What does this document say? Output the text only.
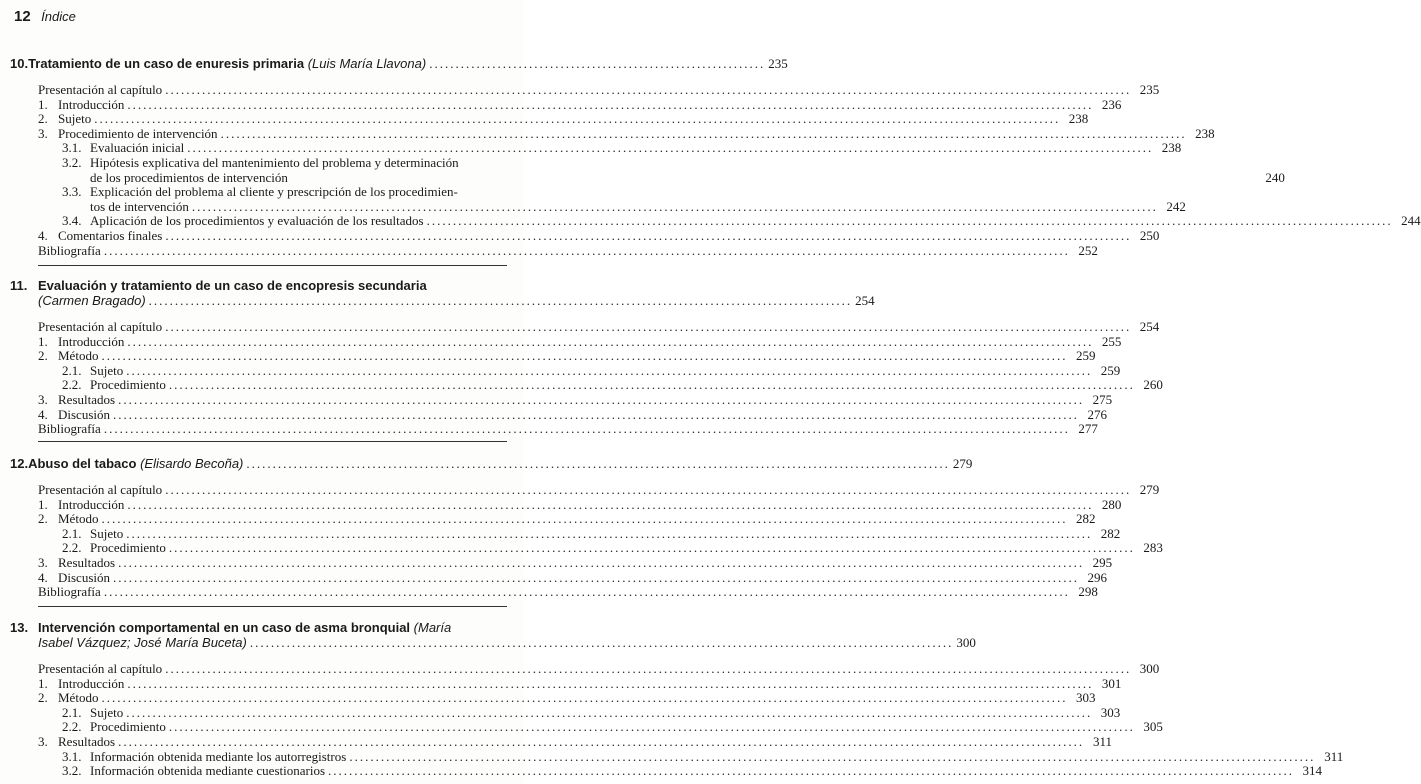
12 Índice
10. Tratamiento de un caso de enuresis primaria (Luis María Llavona) ................................................................ 235
Presentación al capítulo .....	235
1. Introducción .....	236
2. Sujeto .....	238
3. Procedimiento de intervención .....	238
3.1. Evaluación inicial .....	238
3.2. Hipótesis explicativa del mantenimiento del problema y determinación
de los procedimientos de intervención	240
3.3. Explicación del problema al cliente y prescripción de los procedimien-
tos de intervención .....	242
3.4. Aplicación de los procedimientos y evaluación de los resultados .....	244
4. Comentarios finales .....	250
Bibliografía .....	252
11. Evaluación y tratamiento de un caso de encopresis secundaria
(Carmen Bragado) ...................................................................................................................................... 254
Presentación al capítulo .....	254
1. Introducción .....	255
2. Método .....	259
2.1. Sujeto .....	259
2.2. Procedimiento .....	260
3. Resultados .....	275
4. Discusión .....	276
Bibliografía .....	277
12. Abuso del tabaco (Elisardo Becoña) ...................................................................................................................................... 279
Presentación al capítulo .....	279
1. Introducción .....	280
2. Método .....	282
2.1. Sujeto .....	282
2.2. Procedimiento .....	283
3. Resultados .....	295
4. Discusión .....	296
Bibliografía .....	298
13. Intervención comportamental en un caso de asma bronquial (María
Isabel Vázquez; José María Buceta) ...................................................................................................................................... 300
Presentación al capítulo .....	300
1. Introducción .....	301
2. Método .....	303
2.1. Sujeto .....	303
2.2. Procedimiento .....	305
3. Resultados .....	311
3.1. Información obtenida mediante los autorregistros .....	311
3.2. Información obtenida mediante cuestionarios .....	314
